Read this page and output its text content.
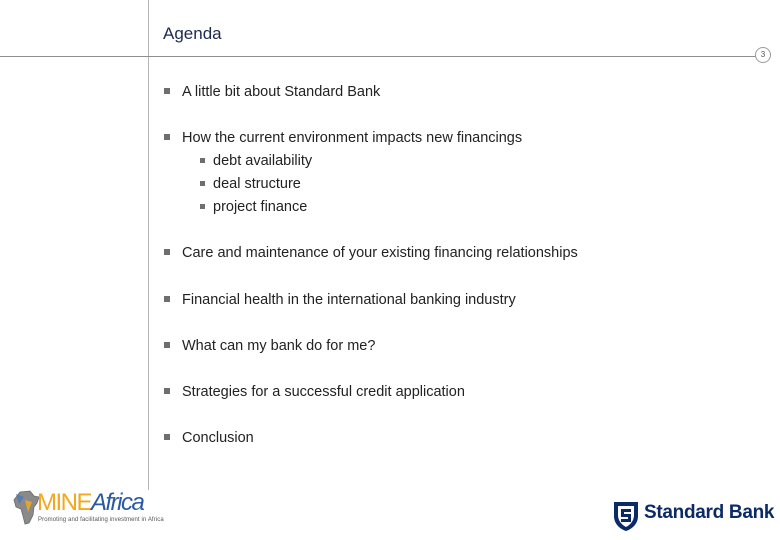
Agenda
3
A little bit about Standard Bank
How the current environment impacts new financings
debt availability
deal structure
project finance
Care and maintenance of your existing financing relationships
Financial health in the international banking industry
What can my bank do for me?
Strategies for a successful credit application
Conclusion
MINEAfrica
Promoting and facilitating investment in Africa	Standard Bank
